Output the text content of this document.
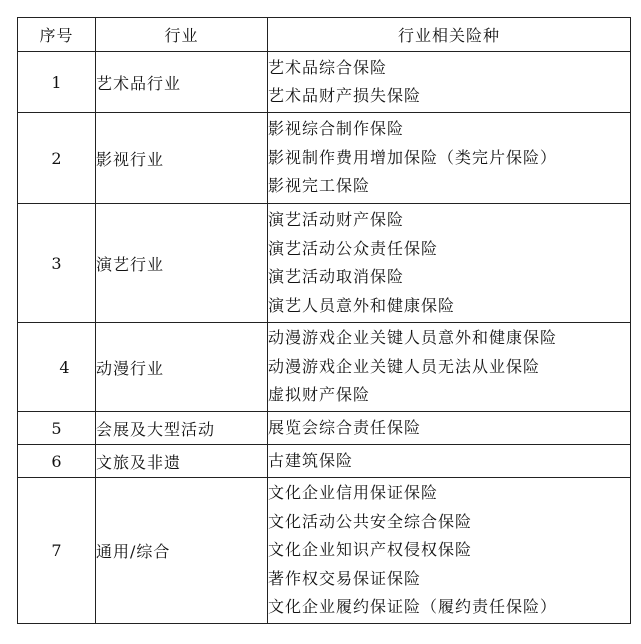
序号	行业	行业相关险种
1	艺术品行业	艺术品综合保险
艺术品财产损失保险

2	影视行业	影视综合制作保险
影视制作费用增加保险（类完片保险）
影视完工保险

3	演艺行业	演艺活动财产保险
演艺活动公众责任保险
演艺活动取消保险
演艺人员意外和健康保险

4	动漫行业	动漫游戏企业关键人员意外和健康保险
动漫游戏企业关键人员无法从业保险
虚拟财产保险

5	会展及大型活动	展览会综合责任保险

6	文旅及非遗	古建筑保险

7	通用/综合	文化企业信用保证保险
文化活动公共安全综合保险
文化企业知识产权侵权保险
著作权交易保证保险
文化企业履约保证险（履约责任保险）
